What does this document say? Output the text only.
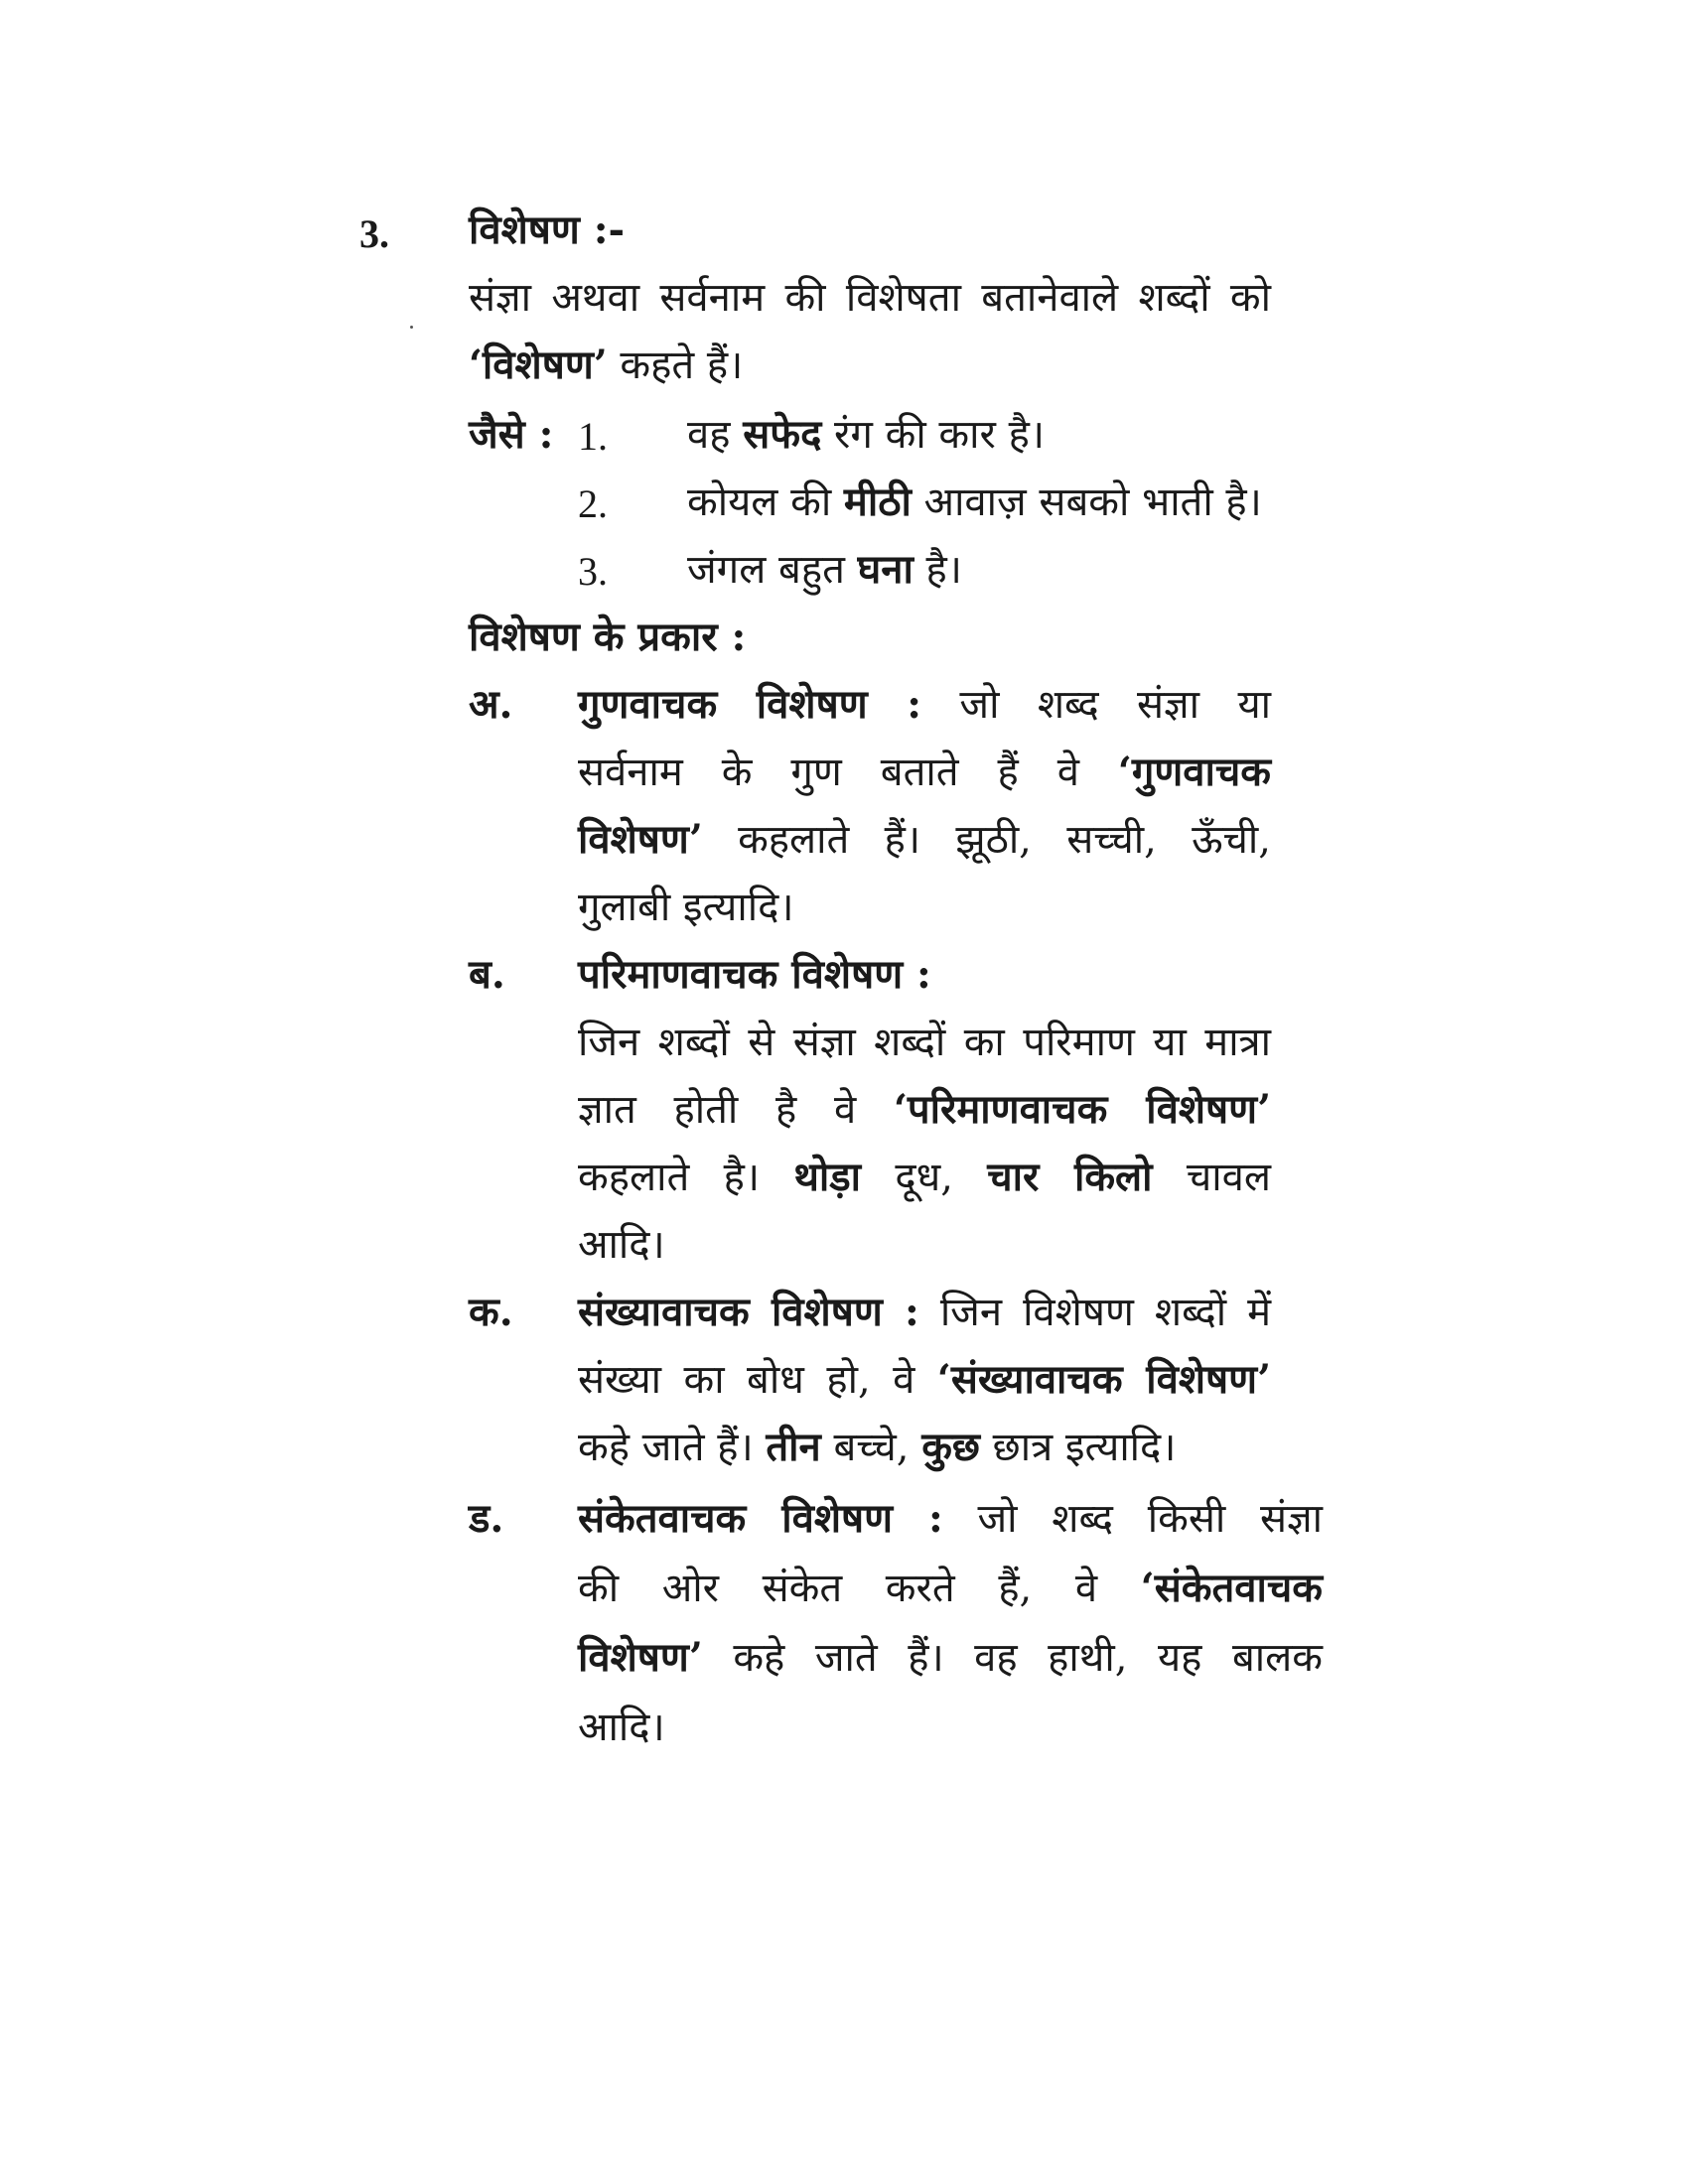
3. विशेषण :-
संज्ञा अथवा सर्वनाम की विशेषता बतानेवाले शब्दों को
‘विशेषण’ कहते हैं।
जैसे : 1. वह सफेद रंग की कार है।
2. कोयल की मीठी आवाज़ सबको भाती है।
3. जंगल बहुत घना है।
विशेषण के प्रकार :
अ. गुणवाचक विशेषण : जो शब्द संज्ञा या
सर्वनाम के गुण बताते हैं वे ‘गुणवाचक
विशेषण’ कहलाते हैं। झूठी, सच्ची, ऊँची,
गुलाबी इत्यादि।
ब. परिमाणवाचक विशेषण :
जिन शब्दों से संज्ञा शब्दों का परिमाण या मात्रा
ज्ञात होती है वे ‘परिमाणवाचक विशेषण’
कहलाते है। थोड़ा दूध, चार किलो चावल
आदि।
क. संख्यावाचक विशेषण : जिन विशेषण शब्दों में
संख्या का बोध हो, वे ‘संख्यावाचक विशेषण’
कहे जाते हैं। तीन बच्चे, कुछ छात्र इत्यादि।
ड. संकेतवाचक विशेषण : जो शब्द किसी संज्ञा
की ओर संकेत करते हैं, वे ‘संकेतवाचक
विशेषण’ कहे जाते हैं। वह हाथी, यह बालक
आदि।
